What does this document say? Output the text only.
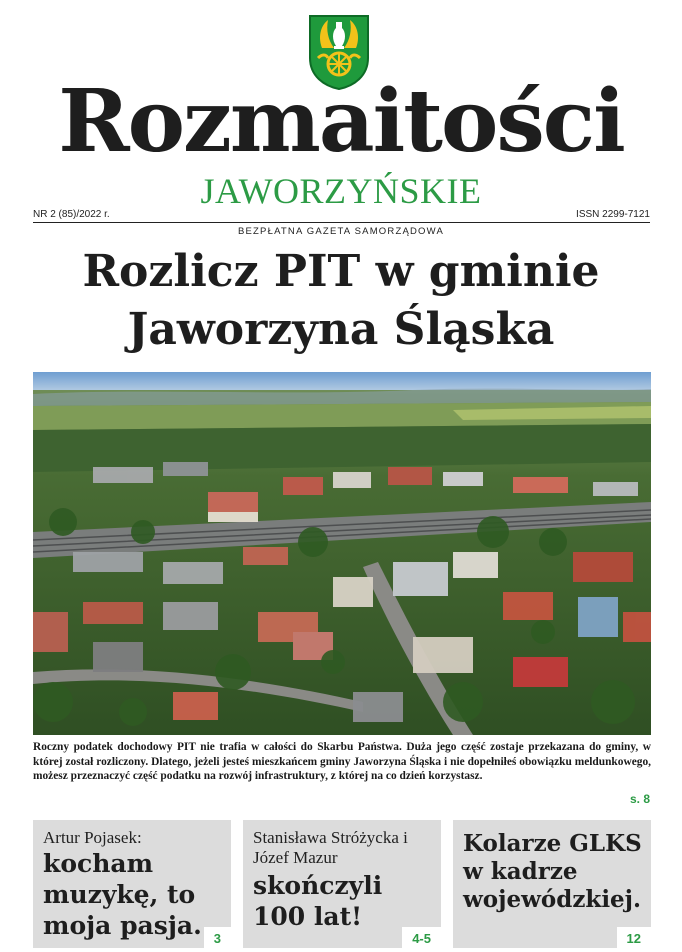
Rozmaitości
JAWORZYŃSKIE
NR 2 (85)/2022 r.	ISSN 2299-7121
BEZPŁATNA GAZETA SAMORZĄDOWA
Rozlicz PIT w gminie
Jaworzyna Śląska

Roczny podatek dochodowy PIT nie trafia w całości do Skarbu Państwa. Duża jego część zostaje przekazana do gminy, w której został rozliczony. Dlatego, jeżeli jesteś mieszkańcem gminy Jaworzyna Śląska i nie dopełniłeś obowiązku meldunkowego, możesz przeznaczyć część podatku na rozwój infrastruktury, z której na co dzień korzystasz.

s. 8
Artur Pojasek:
kocham muzykę, to moja pasja. 3
Stanisława Stróżycka i Józef Mazur
skończyli 100 lat!
4-5
Kolarze GLKS w kadrze wojewódzkiej.
12
